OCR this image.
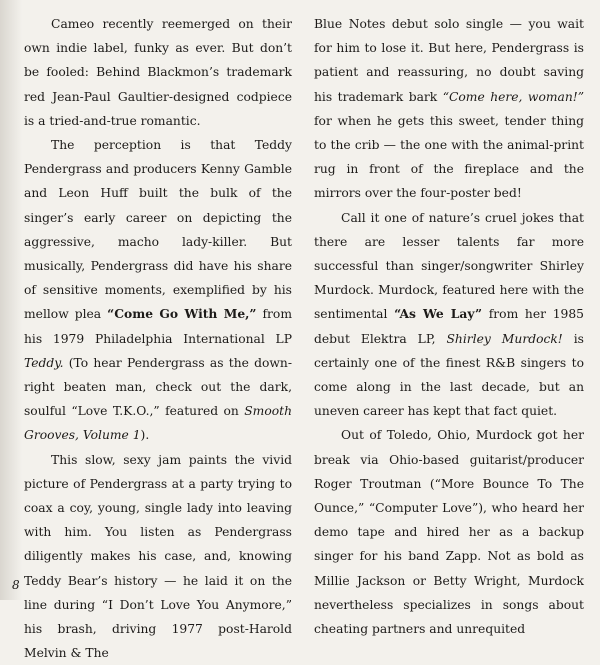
Cameo recently reemerged on their own indie label, funky as ever. But don’t be fooled: Behind Blackmon’s trademark red Jean-Paul Gaultier-designed codpiece is a tried-and-true romantic.

The perception is that Teddy Pendergrass and producers Kenny Gamble and Leon Huff built the bulk of the singer’s early career on depicting the aggressive, macho lady-killer. But musically, Pendergrass did have his share of sensitive moments, exemplified by his mellow plea “Come Go With Me,” from his 1979 Philadelphia International LP Teddy. (To hear Pendergrass as the down-right beaten man, check out the dark, soulful “Love T.K.O.,” featured on Smooth Grooves, Volume 1).

This slow, sexy jam paints the vivid picture of Pendergrass at a party trying to coax a coy, young, single lady into leaving with him. You listen as Pendergrass diligently makes his case, and, knowing Teddy Bear’s history — he laid it on the line during “I Don’t Love You Anymore,” his brash, driving 1977 post-Harold Melvin & The

Blue Notes debut solo single — you wait for him to lose it. But here, Pendergrass is patient and reassuring, no doubt saving his trademark bark “Come here, woman!” for when he gets this sweet, tender thing to the crib — the one with the animal-print rug in front of the fireplace and the mirrors over the four-poster bed!

Call it one of nature’s cruel jokes that there are lesser talents far more successful than singer/songwriter Shirley Murdock. Murdock, featured here with the sentimental “As We Lay” from her 1985 debut Elektra LP, Shirley Murdock! is certainly one of the finest R&B singers to come along in the last decade, but an uneven career has kept that fact quiet.

Out of Toledo, Ohio, Murdock got her break via Ohio-based guitarist/producer Roger Troutman (“More Bounce To The Ounce,” “Computer Love”), who heard her demo tape and hired her as a backup singer for his band Zapp. Not as bold as Millie Jackson or Betty Wright, Murdock nevertheless specializes in songs about cheating partners and unrequited

8
